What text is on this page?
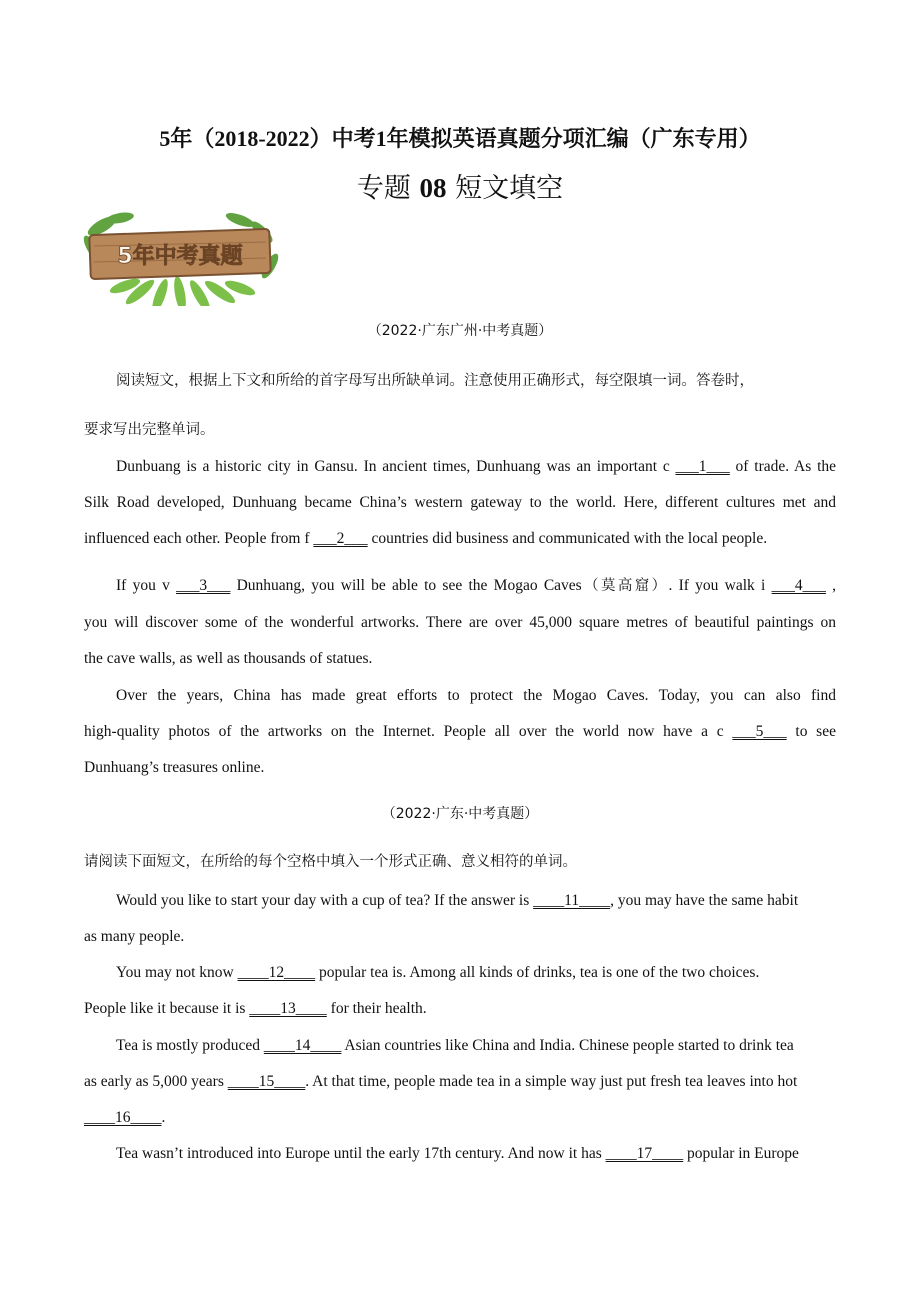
5年（2018-2022）中考1年模拟英语真题分项汇编（广东专用）
专题 08 短文填空
5年中考真题
（2022·广东广州·中考真题）
阅读短文，根据上下文和所给的首字母写出所缺单词。注意使用正确形式，每空限填一词。答卷时，
要求写出完整单词。
Dunbuang is a historic city in Gansu. In ancient times, Dunhuang was an important c ___1___ of trade. As the
Silk Road developed, Dunhuang became China’s western gateway to the world. Here, different cultures met and
influenced each other. People from f ___2___ countries did business and communicated with the local people.
If you v ___3___ Dunhuang, you will be able to see the Mogao Caves（莫高窟）. If you walk i ___4___ ,
you will discover some of the wonderful artworks. There are over 45,000 square metres of beautiful paintings on
the cave walls, as well as thousands of statues.
Over the years, China has made great efforts to protect the Mogao Caves. Today, you can also find
high-quality photos of the artworks on the Internet. People all over the world now have a c ___5___ to see
Dunhuang’s treasures online.
（2022·广东·中考真题）
请阅读下面短文，在所给的每个空格中填入一个形式正确、意义相符的单词。
Would you like to start your day with a cup of tea? If the answer is ____11____, you may have the same habit
as many people.
You may not know ____12____ popular tea is. Among all kinds of drinks, tea is one of the two choices.
People like it because it is ____13____ for their health.
Tea is mostly produced ____14____ Asian countries like China and India. Chinese people started to drink tea
as early as 5,000 years ____15____. At that time, people made tea in a simple way just put fresh tea leaves into hot
____16____.
Tea wasn’t introduced into Europe until the early 17th century. And now it has ____17____ popular in Europe
